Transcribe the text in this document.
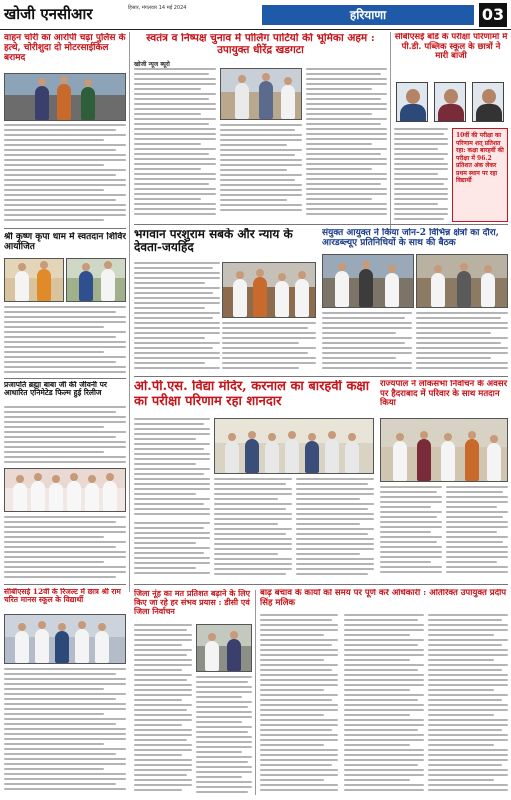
खोजी एनसीआर	हिसार, मंगलवार 14 मई 2024	हरियाणा	03
वाहन चोरी का आरोपी चढ़ा पुलिस के हत्थे, चोरीशुदा दो मोटरसाईकिल बरामद
स्वतंत्र व निष्पक्ष चुनाव में पोलिंग पार्टियों की भूमिका अहम : उपायुक्त धीरेंद्र खडगटा
खोजी न्यूज ब्यूरो
सीबीएसई बोर्ड के परीक्षा परिणामों में पी.डी. पब्लिक स्कूल के छात्रों ने मारी बाजी
10वीं की परीक्षा का परिणाम शत् प्रतिशत रहा: कक्षा बारहवीं की परीक्षा में 96.2 प्रतिशत अंक लेकर प्रथम स्थान पर रहा विद्यार्थी
श्री कृष्ण कृपा धाम में स्वतदान शिविर आयोजित
भगवान परशुराम सबके और न्याय के देवता-जयहिंद
संयुक्त आयुक्त ने किया जोन-2 विभिन्न क्षेत्रों का दौरा, आरडब्ल्यूए प्रतिनिधियों के साथ की बैठक
प्रजापति ब्रह्मा बाबा जी की जीवनी पर आधारित एनिमेटेड फिल्म हुई रिलीज	ओ.पी.एस. विद्या मंदिर, करनाल का बारहवीं कक्षा का परीक्षा परिणाम रहा शानदार
राज्यपाल ने लोकसभा निर्वाचन के अवसर पर हैदराबाद में परिवार के साथ मतदान किया
सीबीएसई 12वीं के रिजल्ट में छात्र श्री राम चरित मानस स्कूल के विद्यार्थी
जिला नूंह का मत प्रतिशत बढ़ाने के लिए किए जा रहे हर संभव प्रयास : डीसी एवं जिला निर्वाचन
बाढ़ बचाव के कार्यों को समय पर पूर्ण करें अधिकारी : अतिरिक्त उपायुक्त प्रदीप सिंह मलिक
